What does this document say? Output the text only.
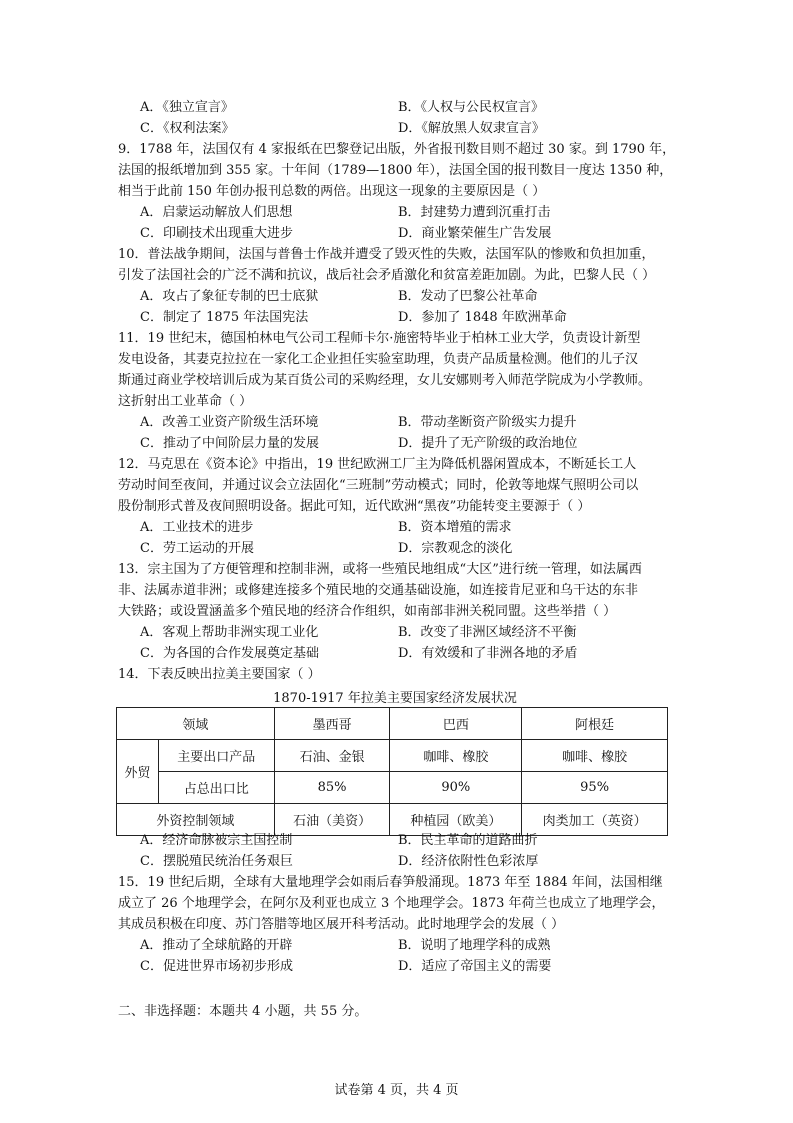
A．《独立宣言》	B．《人权与公民权宣言》
C．《权利法案》	D．《解放黑人奴隶宣言》
9．1788 年，法国仅有 4 家报纸在巴黎登记出版，外省报刊数目则不超过 30 家。到 1790 年，
法国的报纸增加到 355 家。十年间（1789—1800 年），法国全国的报刊数目一度达 1350 种，
相当于此前 150 年创办报刊总数的两倍。出现这一现象的主要原因是（ ）
A．启蒙运动解放人们思想	B．封建势力遭到沉重打击
C．印刷技术出现重大进步	D．商业繁荣催生广告发展
10．普法战争期间，法国与普鲁士作战并遭受了毁灭性的失败，法国军队的惨败和负担加重，
引发了法国社会的广泛不满和抗议，战后社会矛盾激化和贫富差距加剧。为此，巴黎人民（ ）
A．攻占了象征专制的巴士底狱	B．发动了巴黎公社革命
C．制定了 1875 年法国宪法	D．参加了 1848 年欧洲革命
11．19 世纪末，德国柏林电气公司工程师卡尔·施密特毕业于柏林工业大学，负责设计新型
发电设备，其妻克拉拉在一家化工企业担任实验室助理，负责产品质量检测。他们的儿子汉
斯通过商业学校培训后成为某百货公司的采购经理，女儿安娜则考入师范学院成为小学教师。
这折射出工业革命（ ）
A．改善工业资产阶级生活环境	B．带动垄断资产阶级实力提升
C．推动了中间阶层力量的发展	D．提升了无产阶级的政治地位
12．马克思在《资本论》中指出，19 世纪欧洲工厂主为降低机器闲置成本，不断延长工人
劳动时间至夜间，并通过议会立法固化“三班制”劳动模式；同时，伦敦等地煤气照明公司以
股份制形式普及夜间照明设备。据此可知，近代欧洲“黑夜”功能转变主要源于（ ）
A．工业技术的进步	B．资本增殖的需求
C．劳工运动的开展	D．宗教观念的淡化
13．宗主国为了方便管理和控制非洲，或将一些殖民地组成“大区”进行统一管理，如法属西
非、法属赤道非洲；或修建连接多个殖民地的交通基础设施，如连接肯尼亚和乌干达的东非
大铁路；或设置涵盖多个殖民地的经济合作组织，如南部非洲关税同盟。这些举措（ ）
A．客观上帮助非洲实现工业化	B．改变了非洲区域经济不平衡
C．为各国的合作发展奠定基础	D．有效缓和了非洲各地的矛盾
14．下表反映出拉美主要国家（ ）
1870-1917 年拉美主要国家经济发展状况
领域		墨西哥	巴西	阿根廷
外贸	主要出口产品	石油、金银	咖啡、橡胶	咖啡、橡胶
	占总出口比	85%	90%	95%
外资控制领域		石油（美资）	种植园（欧美）	肉类加工（英资）
A．经济命脉被宗主国控制	B．民主革命的道路曲折
C．摆脱殖民统治任务艰巨	D．经济依附性色彩浓厚
15．19 世纪后期，全球有大量地理学会如雨后春笋般涌现。1873 年至 1884 年间，法国相继
成立了 26 个地理学会，在阿尔及利亚也成立 3 个地理学会。1873 年荷兰也成立了地理学会，
其成员积极在印度、苏门答腊等地区展开科考活动。此时地理学会的发展（ ）
A．推动了全球航路的开辟	B．说明了地理学科的成熟
C．促进世界市场初步形成	D．适应了帝国主义的需要
二、非选择题：本题共 4 小题，共 55 分。
试卷第 4 页，共 4 页
